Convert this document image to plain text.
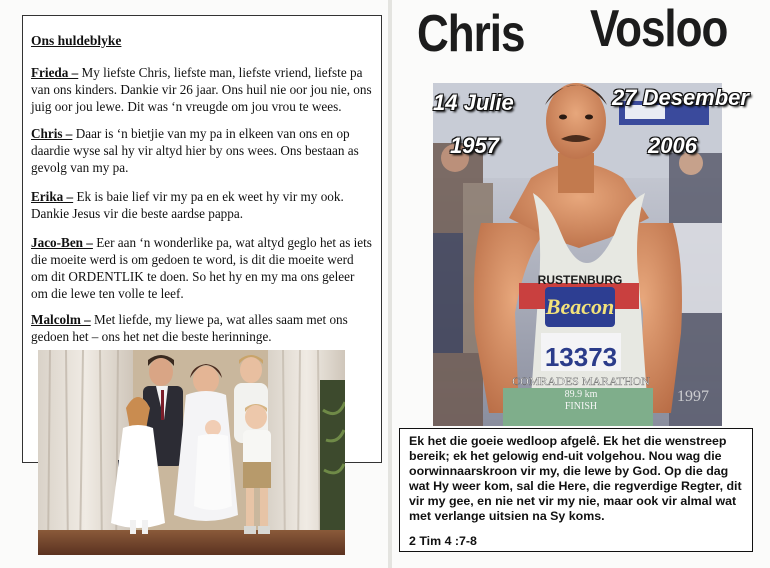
Ons huldeblyke

Frieda – My liefste Chris, liefste man, liefste vriend, liefste pa van ons kinders. Dankie vir 26 jaar. Ons huil nie oor jou nie, ons juig oor jou lewe. Dit was ‘n vreugde om jou vrou te wees.

Chris – Daar is ‘n bietjie van my pa in elkeen van ons en op daardie wyse sal hy vir altyd hier by ons wees. Ons bestaan as gevolg van my pa.

Erika – Ek is baie lief vir my pa en ek weet hy vir my ook. Dankie Jesus vir die beste aardse pappa.

Jaco-Ben – Eer aan ‘n wonderlike pa, wat altyd geglo het as iets die moeite werd is om gedoen te word, is dit die moeite werd om dit ORDENTLIK te doen. So het hy en my ma ons geleer om die lewe ten volle te leef.

Malcolm – Met liefde, my liewe pa, wat alles saam met ons gedoen het – ons het net die beste herinninge.

RUSTENBURG
Beacon
13373
COMRADES MARATHON
89.9 km
FINISH
1997

Chris Vosloo

14 Julie

1957

27 Desember

2006

Ek het die goeie wedloop afgelê. Ek het die wenstreep bereik; ek het gelowig end-uit volgehou. Nou wag die oorwinnaarskroon vir my, die lewe by God. Op die dag wat Hy weer kom, sal die Here, die regverdige Regter, dit vir my gee, en nie net vir my nie, maar ook vir almal wat met verlange uitsien na Sy koms.

2 Tim 4 :7-8
